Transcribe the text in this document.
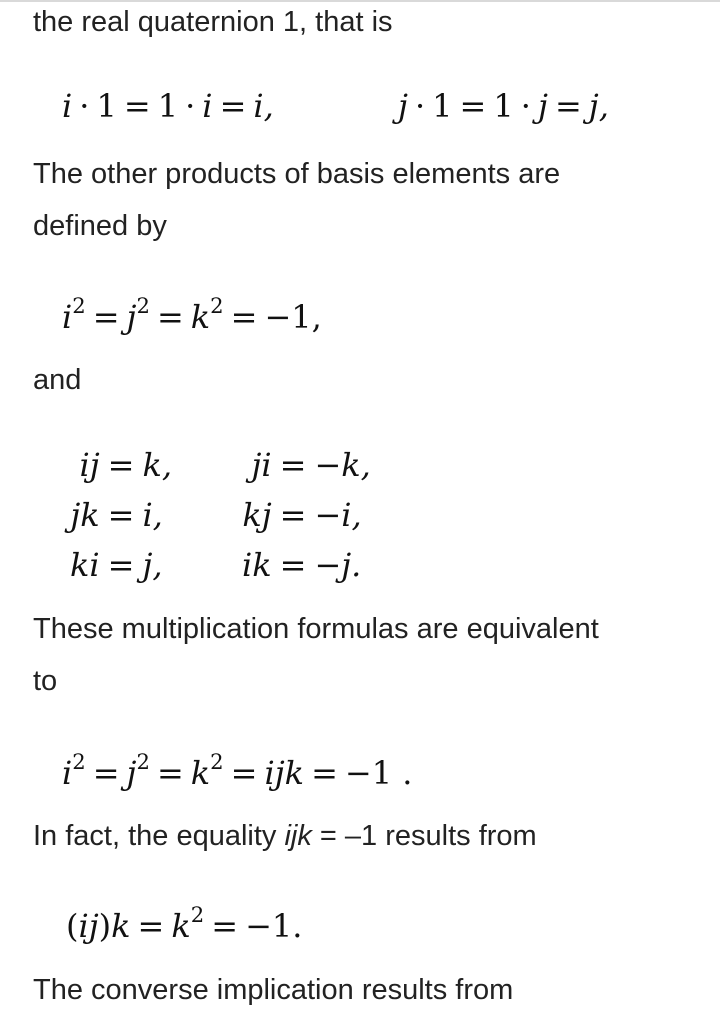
the real quaternion 1, that is

i · 1 = 1 · i = i,	j · 1 = 1 · j = j,

The other products of basis elements are

defined by

$i^2 = j^2 = k^2 = -1$,

and

ij	=	k,		ji	=	−k,
jk	=	i,		kj	=	−i,
ki	=	j,		ik	=	−j.

These multiplication formulas are equivalent

to

$i^2 = j^2 = k^2$ = ijk = −1 .

In fact, the equality ijk = –1 results from

$(ij)k = k^2 = -1$.

The converse implication results from
